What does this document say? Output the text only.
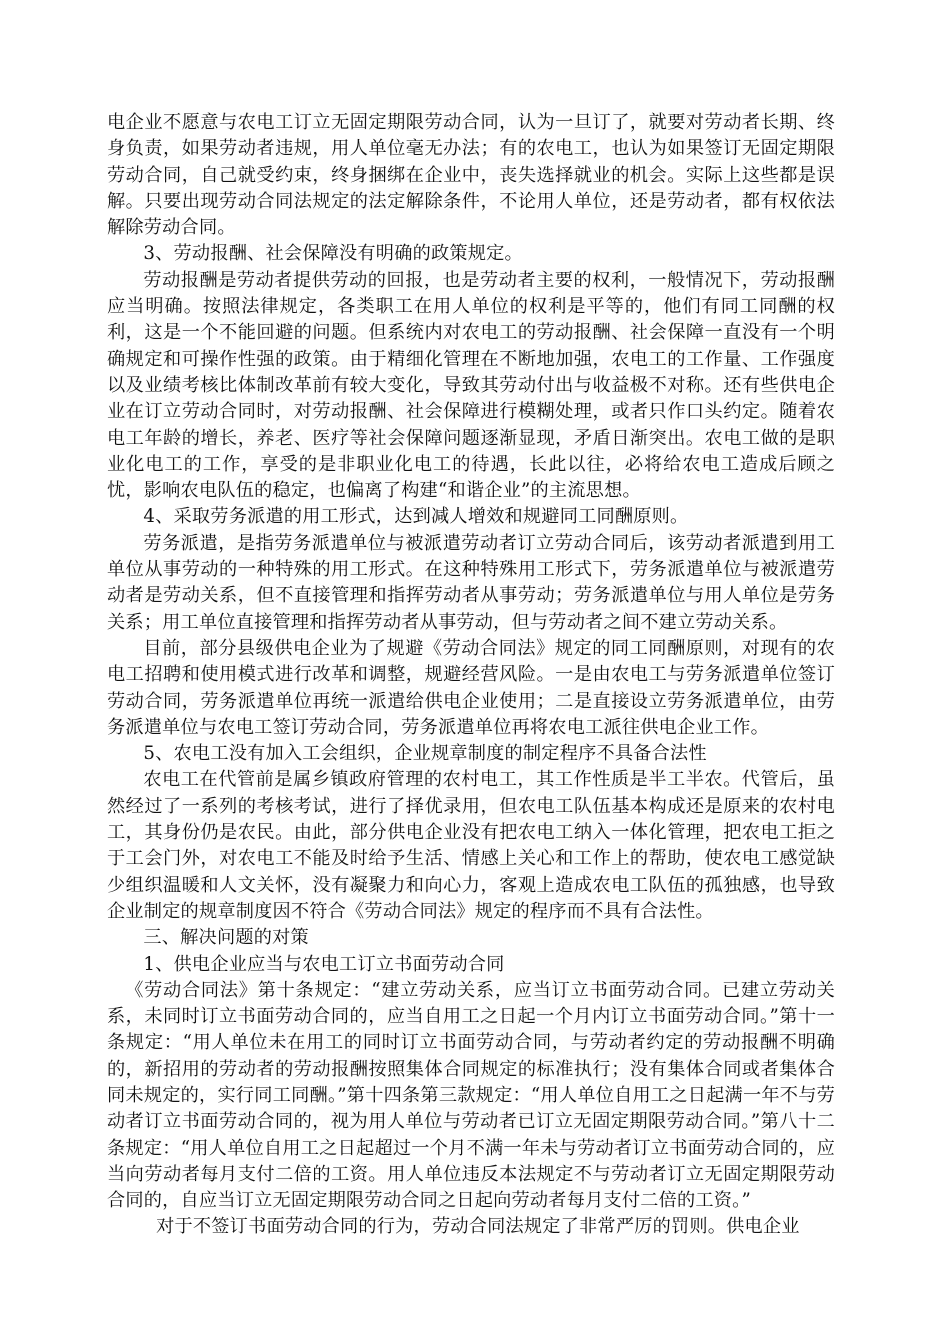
电企业不愿意与农电工订立无固定期限劳动合同，认为一旦订了，就要对劳动者长期、终身负责，如果劳动者违规，用人单位毫无办法；有的农电工，也认为如果签订无固定期限劳动合同，自己就受约束，终身捆绑在企业中，丧失选择就业的机会。实际上这些都是误解。只要出现劳动合同法规定的法定解除条件，不论用人单位，还是劳动者，都有权依法解除劳动合同。

3、劳动报酬、社会保障没有明确的政策规定。

劳动报酬是劳动者提供劳动的回报，也是劳动者主要的权利，一般情况下，劳动报酬应当明确。按照法律规定，各类职工在用人单位的权利是平等的，他们有同工同酬的权利，这是一个不能回避的问题。但系统内对农电工的劳动报酬、社会保障一直没有一个明确规定和可操作性强的政策。由于精细化管理在不断地加强，农电工的工作量、工作强度以及业绩考核比体制改革前有较大变化，导致其劳动付出与收益极不对称。还有些供电企业在订立劳动合同时，对劳动报酬、社会保障进行模糊处理，或者只作口头约定。随着农电工年龄的增长，养老、医疗等社会保障问题逐渐显现，矛盾日渐突出。农电工做的是职业化电工的工作，享受的是非职业化电工的待遇，长此以往，必将给农电工造成后顾之忧，影响农电队伍的稳定，也偏离了构建“和谐企业”的主流思想。

4、采取劳务派遣的用工形式，达到减人增效和规避同工同酬原则。

劳务派遣，是指劳务派遣单位与被派遣劳动者订立劳动合同后，该劳动者派遣到用工单位从事劳动的一种特殊的用工形式。在这种特殊用工形式下，劳务派遣单位与被派遣劳动者是劳动关系，但不直接管理和指挥劳动者从事劳动；劳务派遣单位与用人单位是劳务关系；用工单位直接管理和指挥劳动者从事劳动，但与劳动者之间不建立劳动关系。

目前，部分县级供电企业为了规避《劳动合同法》规定的同工同酬原则，对现有的农电工招聘和使用模式进行改革和调整，规避经营风险。一是由农电工与劳务派遣单位签订劳动合同，劳务派遣单位再统一派遣给供电企业使用；二是直接设立劳务派遣单位，由劳务派遣单位与农电工签订劳动合同，劳务派遣单位再将农电工派往供电企业工作。

5、农电工没有加入工会组织，企业规章制度的制定程序不具备合法性

农电工在代管前是属乡镇政府管理的农村电工，其工作性质是半工半农。代管后，虽然经过了一系列的考核考试，进行了择优录用，但农电工队伍基本构成还是原来的农村电工，其身份仍是农民。由此，部分供电企业没有把农电工纳入一体化管理，把农电工拒之于工会门外，对农电工不能及时给予生活、情感上关心和工作上的帮助，使农电工感觉缺少组织温暖和人文关怀，没有凝聚力和向心力，客观上造成农电工队伍的孤独感，也导致企业制定的规章制度因不符合《劳动合同法》规定的程序而不具有合法性。

三、解决问题的对策

1、供电企业应当与农电工订立书面劳动合同

《劳动合同法》第十条规定：“建立劳动关系，应当订立书面劳动合同。已建立劳动关系，未同时订立书面劳动合同的，应当自用工之日起一个月内订立书面劳动合同。”第十一条规定：“用人单位未在用工的同时订立书面劳动合同，与劳动者约定的劳动报酬不明确的，新招用的劳动者的劳动报酬按照集体合同规定的标准执行；没有集体合同或者集体合同未规定的，实行同工同酬。”第十四条第三款规定：“用人单位自用工之日起满一年不与劳动者订立书面劳动合同的，视为用人单位与劳动者已订立无固定期限劳动合同。”第八十二条规定：“用人单位自用工之日起超过一个月不满一年未与劳动者订立书面劳动合同的，应当向劳动者每月支付二倍的工资。用人单位违反本法规定不与劳动者订立无固定期限劳动合同的，自应当订立无固定期限劳动合同之日起向劳动者每月支付二倍的工资。”

对于不签订书面劳动合同的行为，劳动合同法规定了非常严厉的罚则。供电企业
